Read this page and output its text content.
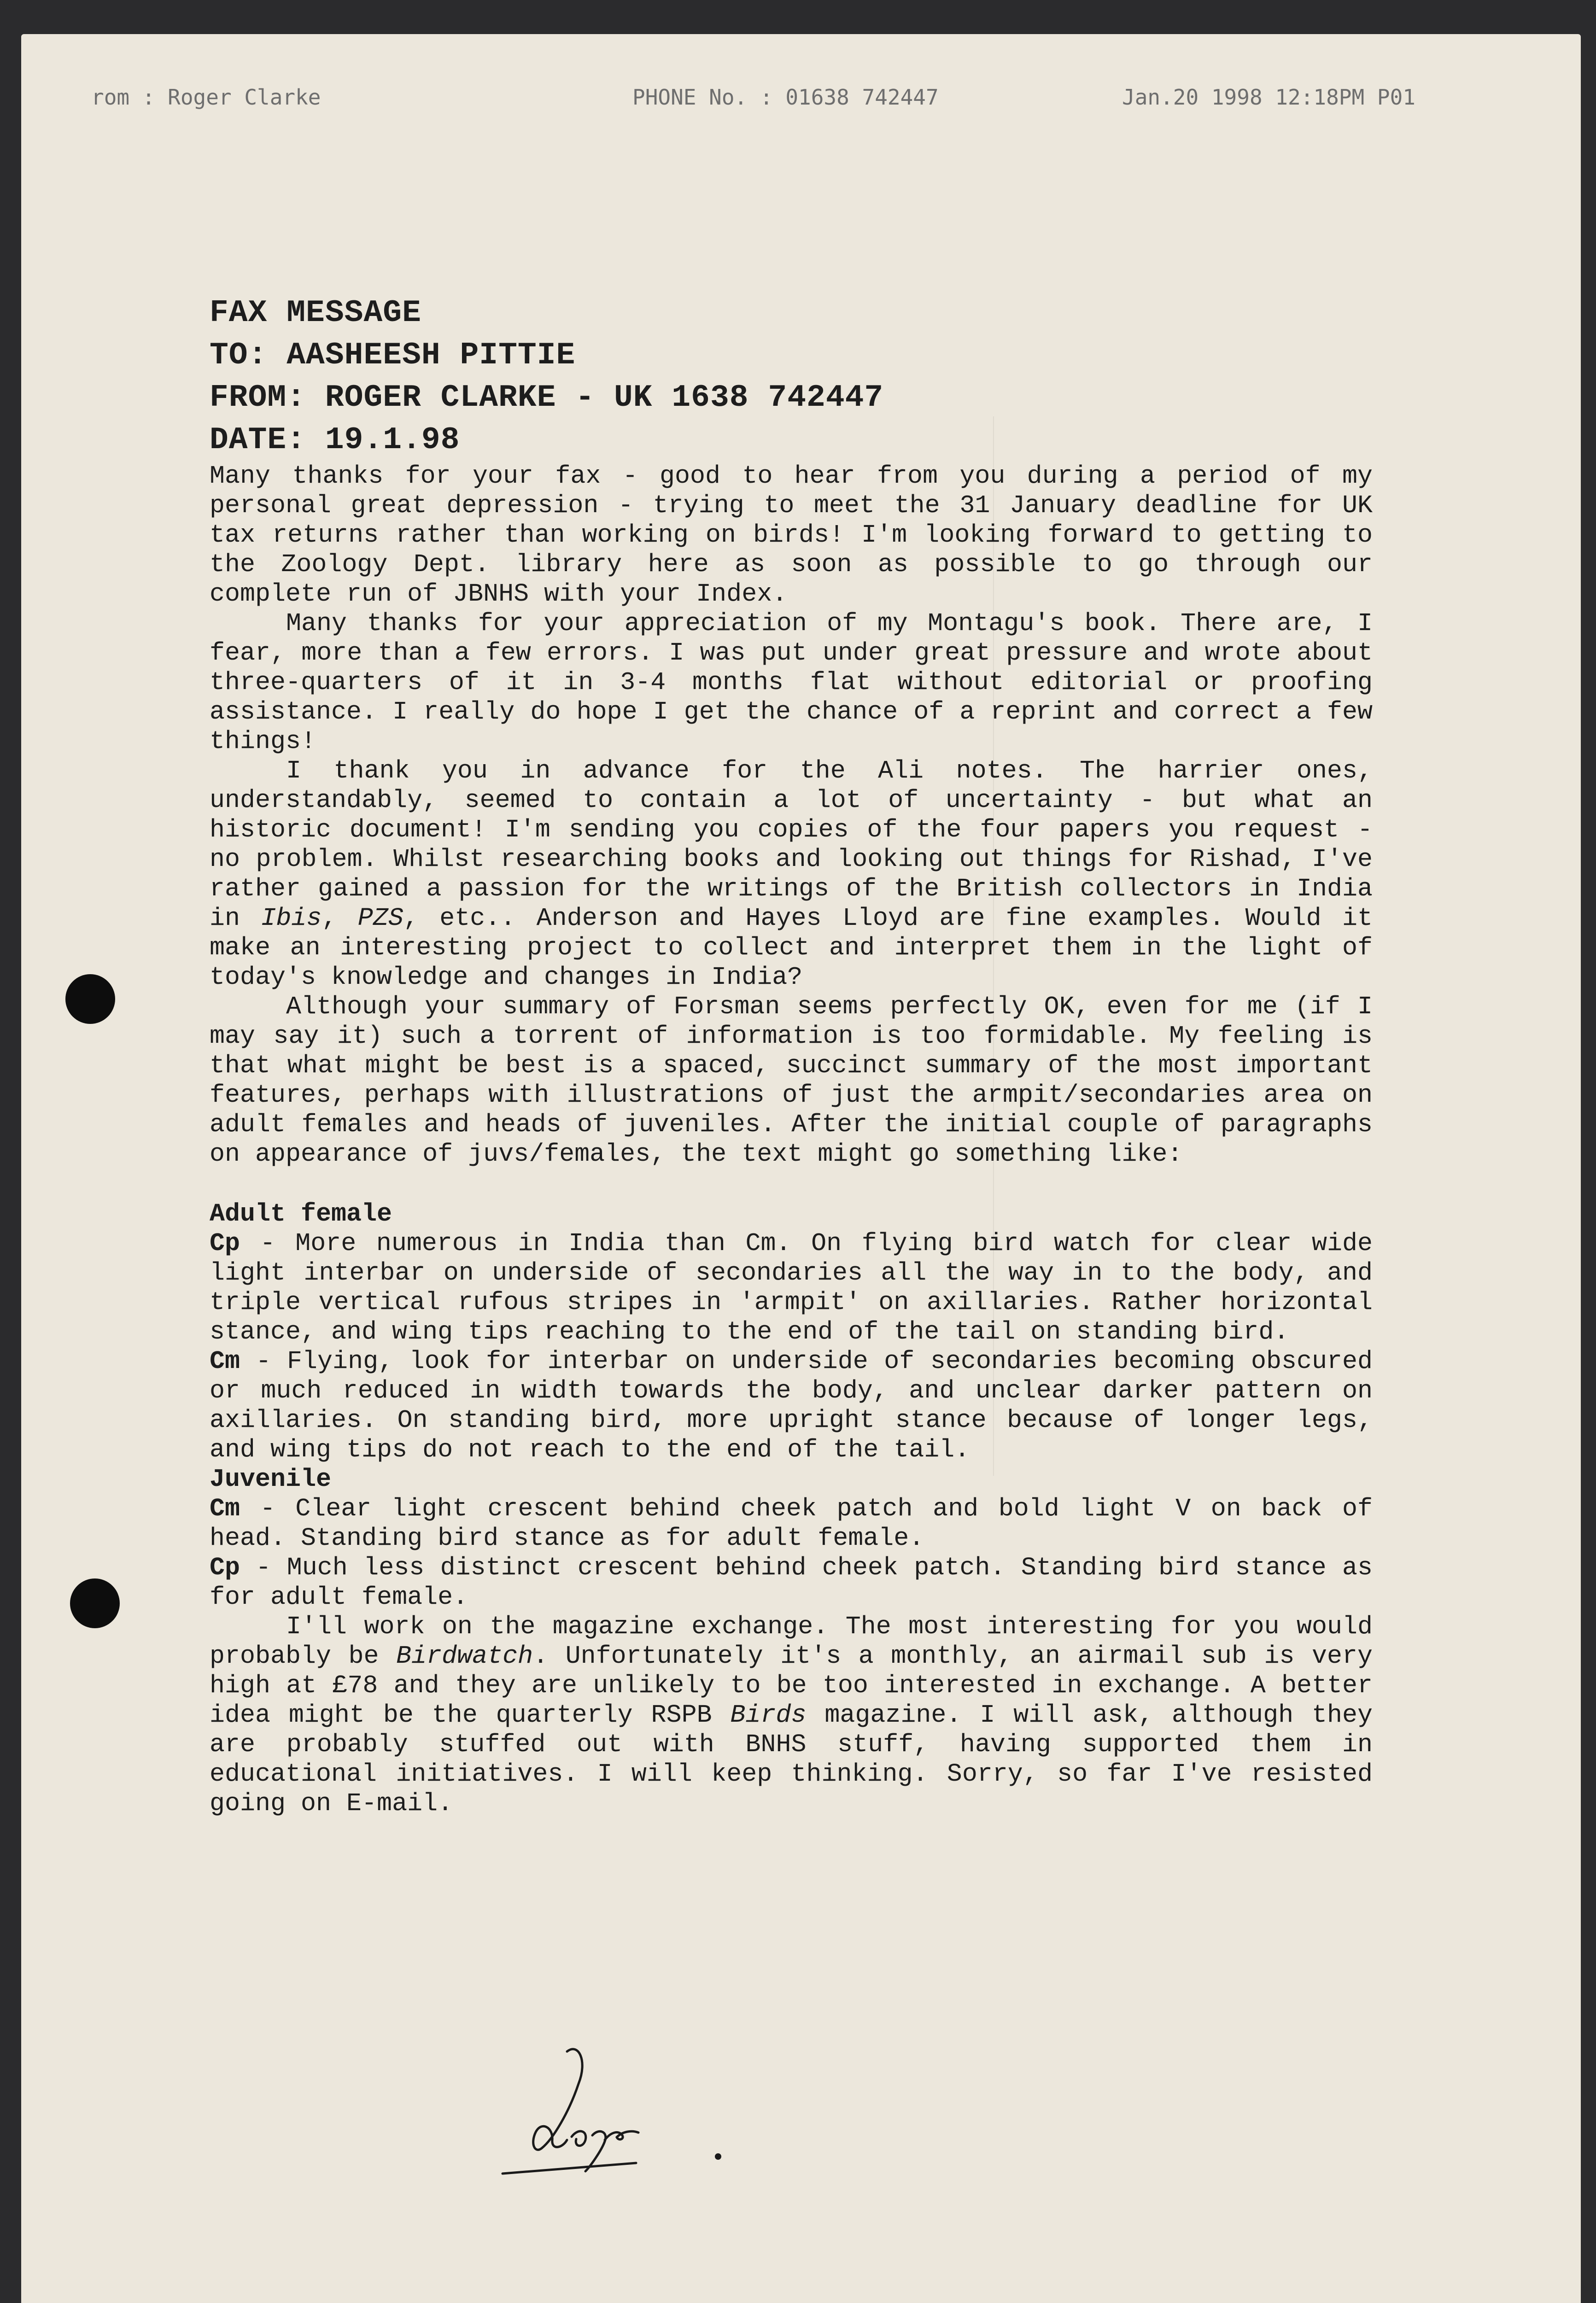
rom : Roger Clarke	PHONE No. : 01638 742447	Jan.20 1998 12:18PM P01

FAX MESSAGE

TO: AASHEESH PITTIE

FROM: ROGER CLARKE - UK 1638 742447

DATE: 19.1.98

Many thanks for your fax - good to hear from you during a period of my personal great depression - trying to meet the 31 January deadline for UK tax returns rather than working on birds! I'm looking forward to getting to the Zoology Dept. library here as soon as possible to go through our complete run of JBNHS with your Index.

Many thanks for your appreciation of my Montagu's book. There are, I fear, more than a few errors. I was put under great pressure and wrote about three-quarters of it in 3-4 months flat without editorial or proofing assistance. I really do hope I get the chance of a reprint and correct a few things!

I thank you in advance for the Ali notes. The harrier ones, understandably, seemed to contain a lot of uncertainty - but what an historic document! I'm sending you copies of the four papers you request - no problem. Whilst researching books and looking out things for Rishad, I've rather gained a passion for the writings of the British collectors in India in Ibis, PZS, etc.. Anderson and Hayes Lloyd are fine examples. Would it make an interesting project to collect and interpret them in the light of today's knowledge and changes in India?

Although your summary of Forsman seems perfectly OK, even for me (if I may say it) such a torrent of information is too formidable. My feeling is that what might be best is a spaced, succinct summary of the most important features, perhaps with illustrations of just the armpit/secondaries area on adult females and heads of juveniles. After the initial couple of paragraphs on appearance of juvs/females, the text might go something like:

Adult female

Cp - More numerous in India than Cm. On flying bird watch for clear wide light interbar on underside of secondaries all the way in to the body, and triple vertical rufous stripes in 'armpit' on axillaries. Rather horizontal stance, and wing tips reaching to the end of the tail on standing bird.

Cm - Flying, look for interbar on underside of secondaries becoming obscured or much reduced in width towards the body, and unclear darker pattern on axillaries. On standing bird, more upright stance because of longer legs, and wing tips do not reach to the end of the tail.

Juvenile

Cm - Clear light crescent behind cheek patch and bold light V on back of head. Standing bird stance as for adult female.

Cp - Much less distinct crescent behind cheek patch. Standing bird stance as for adult female.

I'll work on the magazine exchange. The most interesting for you would probably be Birdwatch. Unfortunately it's a monthly, an airmail sub is very high at £78 and they are unlikely to be too interested in exchange. A better idea might be the quarterly RSPB Birds magazine. I will ask, although they are probably stuffed out with BNHS stuff, having supported them in educational initiatives. I will keep thinking. Sorry, so far I've resisted going on E-mail.
